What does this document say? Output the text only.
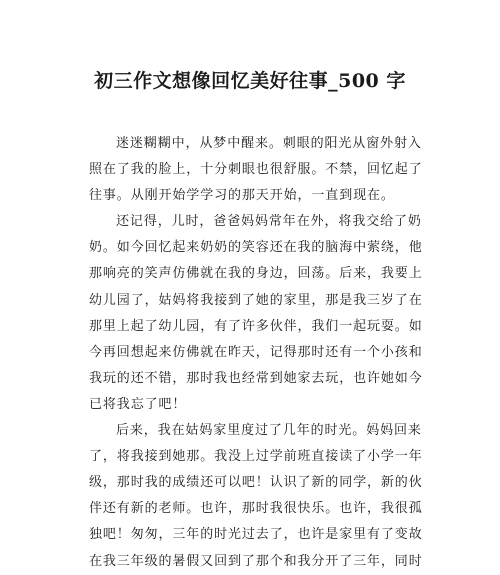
初三作文想像回忆美好往事_500 字
迷迷糊糊中，从梦中醒来。刺眼的阳光从窗外射入
照在了我的脸上，十分刺眼也很舒服。不禁，回忆起了
往事。从刚开始学学习的那天开始，一直到现在。
还记得，儿时，爸爸妈妈常年在外，将我交给了奶
奶。如今回忆起来奶奶的笑容还在我的脑海中萦绕，他
那响亮的笑声仿佛就在我的身边，回荡。后来，我要上
幼儿园了，姑妈将我接到了她的家里，那是我三岁了在
那里上起了幼儿园，有了许多伙伴，我们一起玩耍。如
今再回想起来仿佛就在昨天，记得那时还有一个小孩和
我玩的还不错，那时我也经常到她家去玩，也许她如今
已将我忘了吧！
后来，我在姑妈家里度过了几年的时光。妈妈回来
了，将我接到她那。我没上过学前班直接读了小学一年
级，那时我的成绩还可以吧！认识了新的同学，新的伙
伴还有新的老师。也许，那时我很快乐。也许，我很孤
独吧！匆匆，三年的时光过去了，也许是家里有了变故
在我三年级的暑假又回到了那个和我分开了三年，同时
